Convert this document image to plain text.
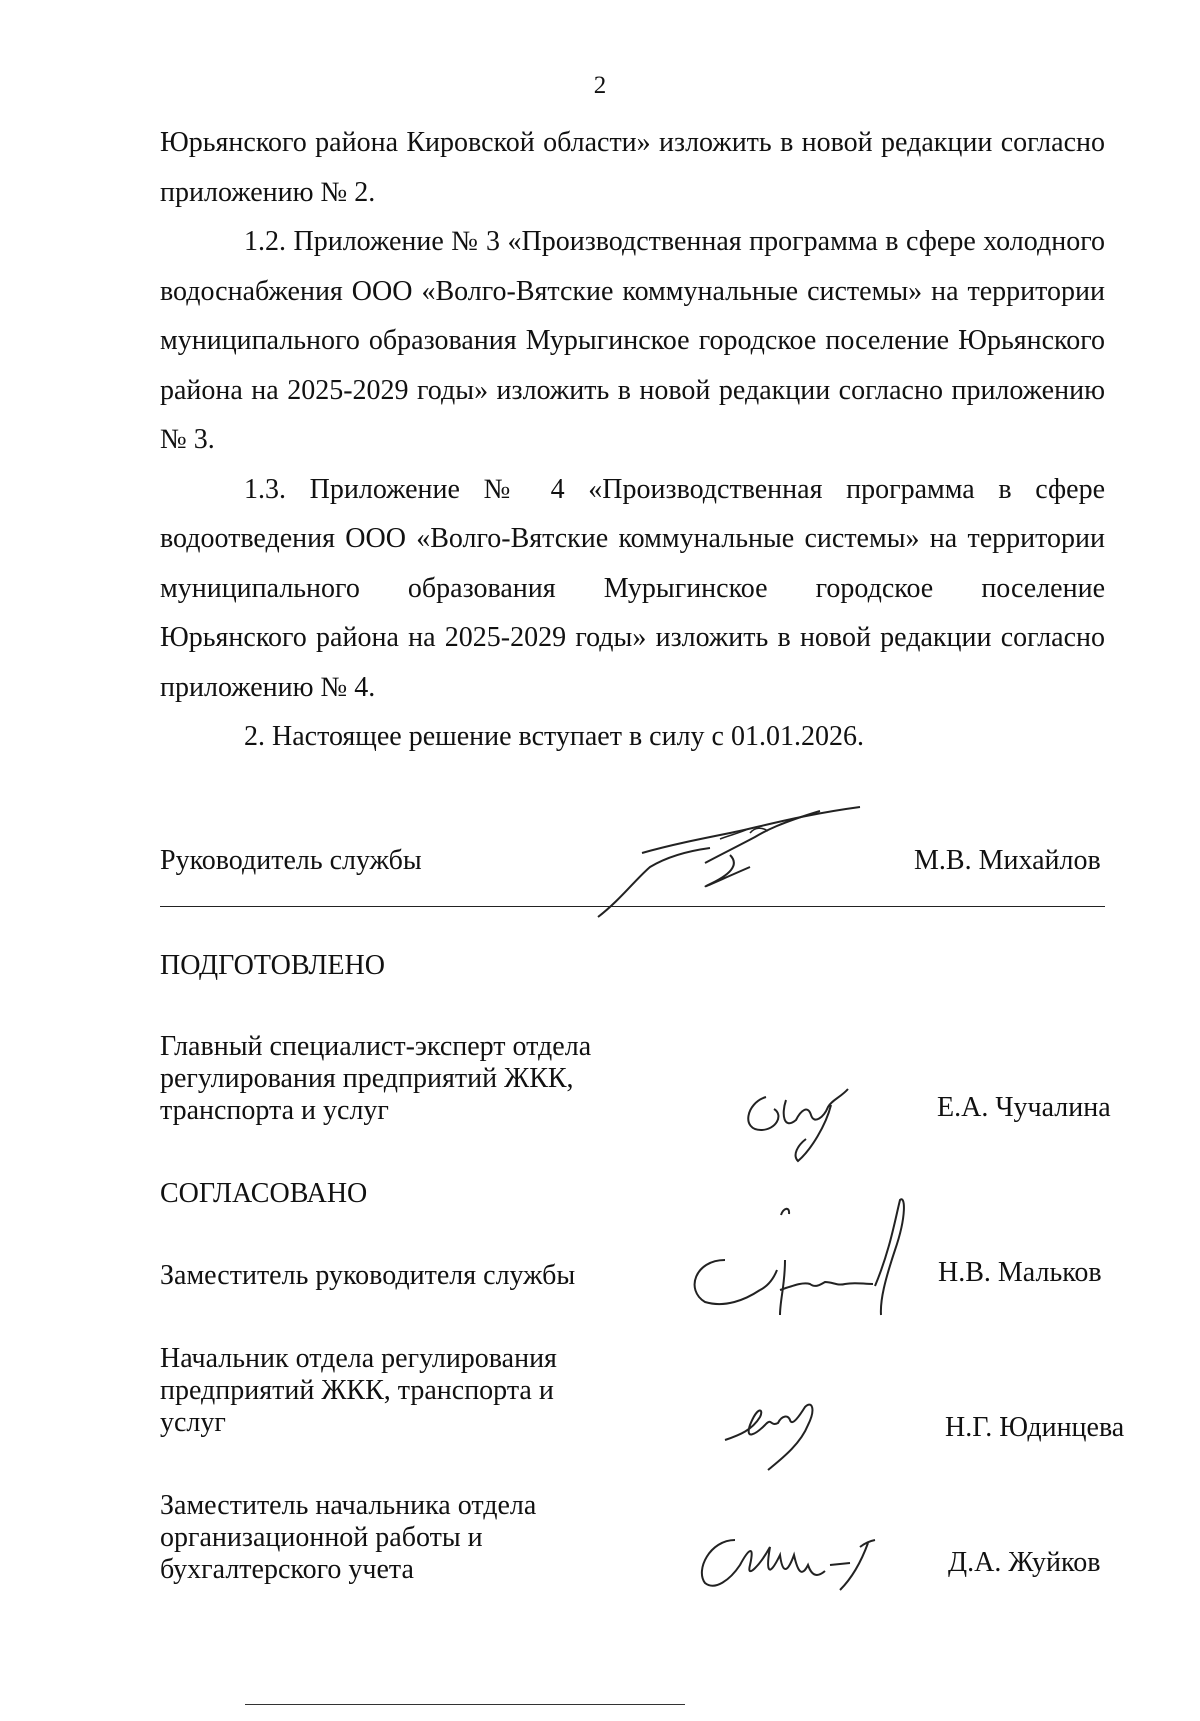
2

Юрьянского района Кировской области» изложить в новой редакции согласно приложению № 2.

1.2. Приложение № 3 «Производственная программа в сфере холодного водоснабжения ООО «Волго-Вятские коммунальные системы» на территории муниципального образования Мурыгинское городское поселение Юрьянского района на 2025-2029 годы» изложить в новой редакции согласно приложению № 3.

1.3. Приложение № 4 «Производственная программа в сфере водоотведения ООО «Волго-Вятские коммунальные системы» на территории муниципального образования Мурыгинское городское поселение

Юрьянского района на 2025-2029 годы» изложить в новой редакции согласно приложению № 4.

2. Настоящее решение вступает в силу с 01.01.2026.

Руководитель службы	М.В. Михайлов
ПОДГОТОВЛЕНО
Главный специалист-эксперт отдела регулирования предприятий ЖКК, транспорта и услуг	Е.А. Чучалина
СОГЛАСОВАНО
Заместитель руководителя службы	Н.В. Мальков
Начальник отдела регулирования предприятий ЖКК, транспорта и услуг	Н.Г. Юдинцева
Заместитель начальника отдела организационной работы и бухгалтерского учета	Д.А. Жуйков
